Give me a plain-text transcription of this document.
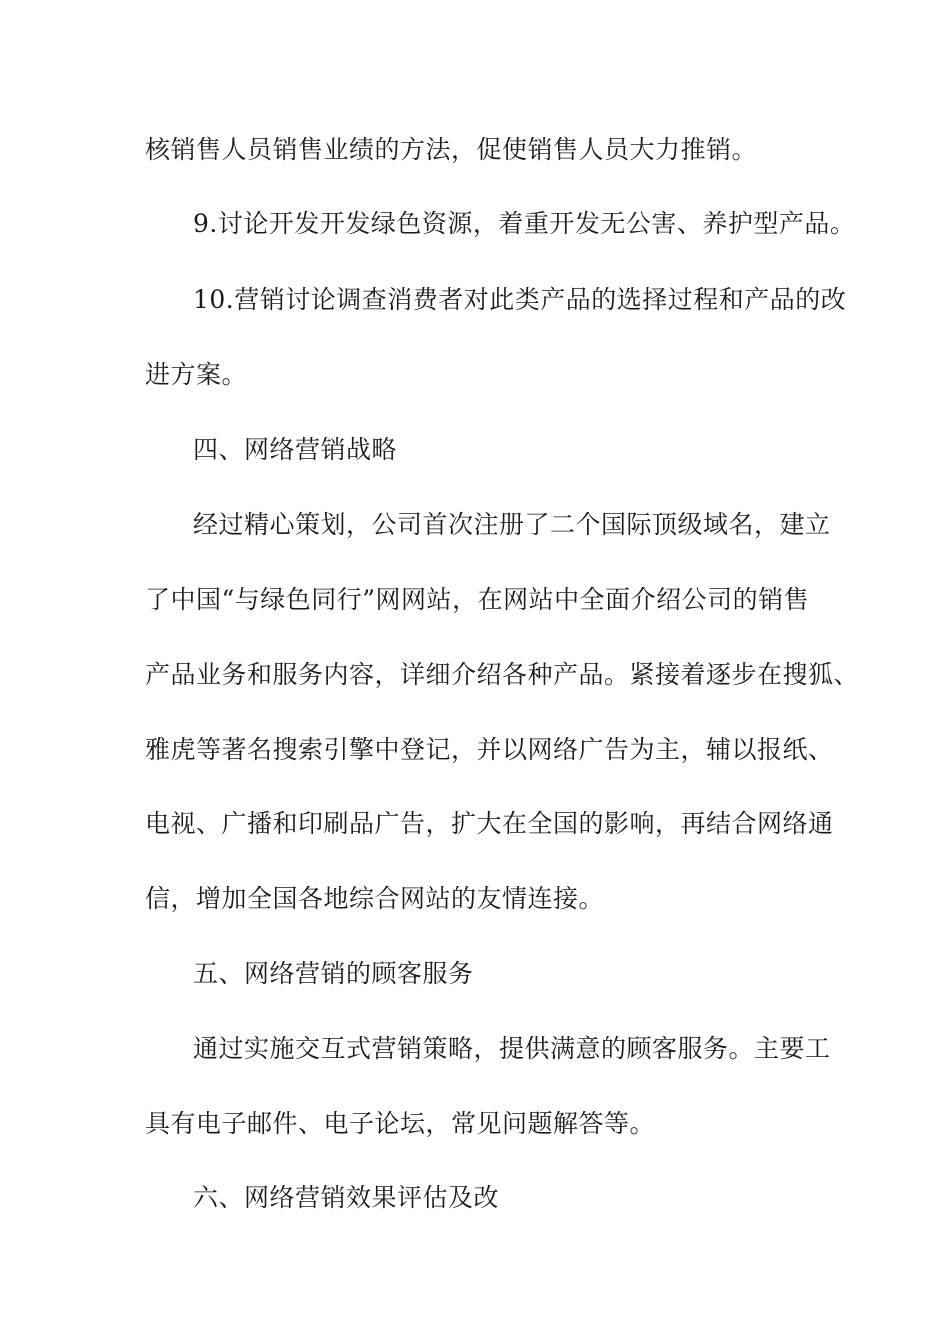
核销售人员销售业绩的方法，促使销售人员大力推销。
9.讨论开发开发绿色资源，着重开发无公害、养护型产品。
10.营销讨论调查消费者对此类产品的选择过程和产品的改
进方案。
四、网络营销战略
经过精心策划，公司首次注册了二个国际顶级域名，建立
了中国“与绿色同行”网网站，在网站中全面介绍公司的销售
产品业务和服务内容，详细介绍各种产品。紧接着逐步在搜狐、
雅虎等著名搜索引擎中登记，并以网络广告为主，辅以报纸、
电视、广播和印刷品广告，扩大在全国的影响，再结合网络通
信，增加全国各地综合网站的友情连接。
五、网络营销的顾客服务
通过实施交互式营销策略，提供满意的顾客服务。主要工
具有电子邮件、电子论坛，常见问题解答等。
六、网络营销效果评估及改
